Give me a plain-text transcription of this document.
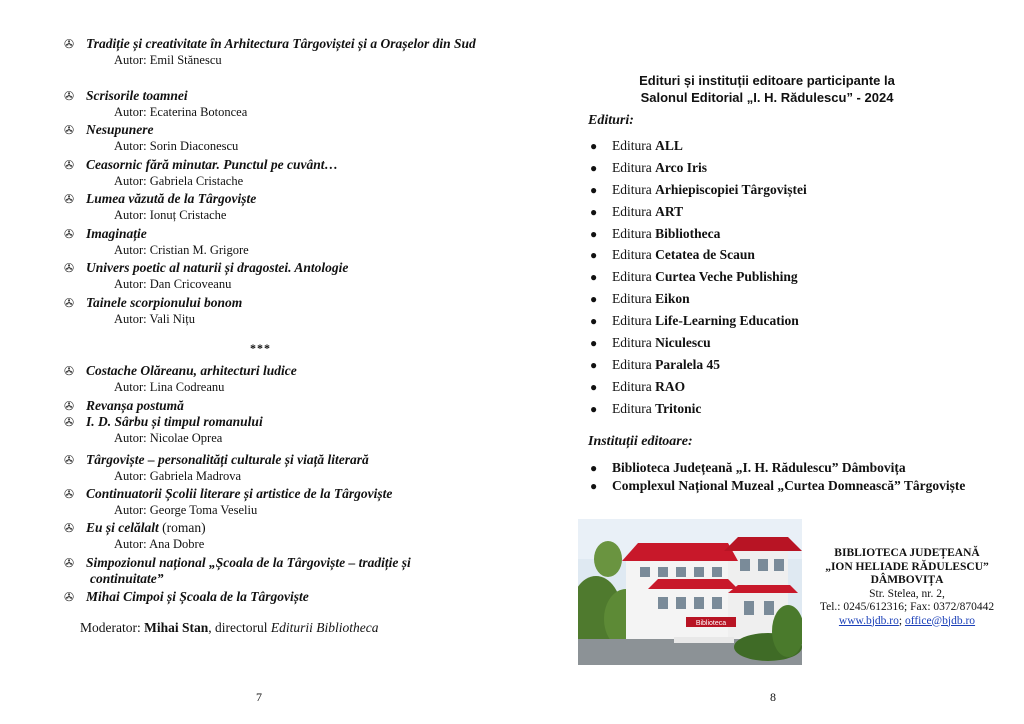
✇ Tradiție și creativitate în Arhitectura Târgoviștei și a Orașelor din Sud
Autor: Emil Stănescu
✇ Scrisorile toamnei
Autor: Ecaterina Botoncea
✇ Nesupunere
Autor: Sorin Diaconescu
✇ Ceasornic fără minutar. Punctul pe cuvânt…
Autor: Gabriela Cristache
✇ Lumea văzută de la Târgoviște
Autor: Ionuț Cristache
✇ Imaginație
Autor: Cristian M. Grigore
✇ Univers poetic al naturii și dragostei. Antologie
Autor: Dan Cricoveanu
✇ Tainele scorpionului bonom
Autor: Vali Nițu
✇ Costache Olăreanu, arhitecturi ludice
Autor: Lina Codreanu
✇ Revanșa postumă
✇ I. D. Sârbu și timpul romanului
Autor: Nicolae Oprea
✇ Târgoviște – personalități culturale și viață literară
Autor: Gabriela Madrova
✇ Continuatorii Școlii literare și artistice de la Târgoviște
Autor: George Toma Veseliu
✇ Eu și celălalt (roman)
Autor: Ana Dobre
✇ Simpozionul național „Școala de la Târgoviște – tradiție și continuitate”
✇ Mihai Cimpoi și Școala de la Târgoviște
***
Moderator: Mihai Stan, directorul Editurii Bibliotheca
7
Edituri și instituții editoare participante la
Salonul Editorial „I. H. Rădulescu” - 2024
Edituri:
● Editura ALL
● Editura Arco Iris
● Editura Arhiepiscopiei Târgoviștei
● Editura ART
● Editura Bibliotheca
● Editura Cetatea de Scaun
● Editura Curtea Veche Publishing
● Editura Eikon
● Editura Life-Learning Education
● Editura Niculescu
● Editura Paralela 45
● Editura RAO
● Editura Tritonic
Instituții editoare:
● Biblioteca Județeană „I. H. Rădulescu” Dâmbovița
● Complexul Național Muzeal „Curtea Domnească” Târgoviște
Biblioteca
BIBLIOTECA JUDEȚEANĂ
„ION HELIADE RĂDULESCU”
DÂMBOVIȚA
Str. Stelea, nr. 2,
Tel.: 0245/612316; Fax: 0372/870442
www.bjdb.ro; office@bjdb.ro
8
